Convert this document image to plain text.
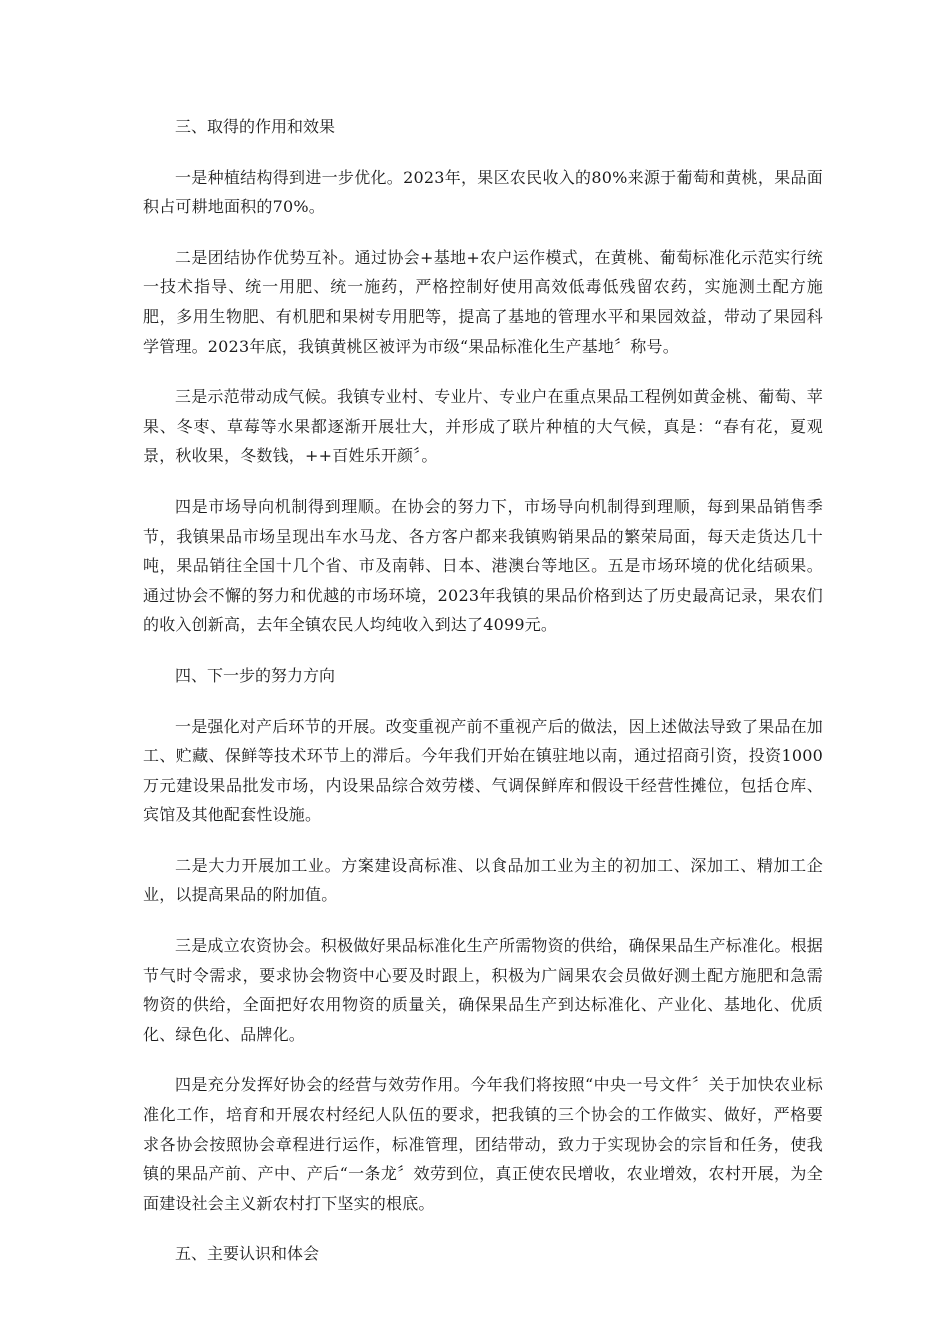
三、取得的作用和效果

一是种植结构得到进一步优化。2023年，果区农民收入的80%来源于葡萄和黄桃，果品面积占可耕地面积的70%。

二是团结协作优势互补。通过协会+基地+农户运作模式，在黄桃、葡萄标准化示范实行统一技术指导、统一用肥、统一施药，严格控制好使用高效低毒低残留农药，实施测土配方施肥，多用生物肥、有机肥和果树专用肥等，提高了基地的管理水平和果园效益，带动了果园科学管理。2023年底，我镇黄桃区被评为市级“果品标准化生产基地〞称号。

三是示范带动成气候。我镇专业村、专业片、专业户在重点果品工程例如黄金桃、葡萄、苹果、冬枣、草莓等水果都逐渐开展壮大，并形成了联片种植的大气候，真是：“春有花，夏观景，秋收果，冬数钱，++百姓乐开颜〞。

四是市场导向机制得到理顺。在协会的努力下，市场导向机制得到理顺，每到果品销售季节，我镇果品市场呈现出车水马龙、各方客户都来我镇购销果品的繁荣局面，每天走货达几十吨，果品销往全国十几个省、市及南韩、日本、港澳台等地区。五是市场环境的优化结硕果。通过协会不懈的努力和优越的市场环境，2023年我镇的果品价格到达了历史最高记录，果农们的收入创新高，去年全镇农民人均纯收入到达了4099元。

四、下一步的努力方向

一是强化对产后环节的开展。改变重视产前不重视产后的做法，因上述做法导致了果品在加工、贮藏、保鲜等技术环节上的滞后。今年我们开始在镇驻地以南，通过招商引资，投资1000万元建设果品批发市场，内设果品综合效劳楼、气调保鲜库和假设干经营性摊位，包括仓库、宾馆及其他配套性设施。

二是大力开展加工业。方案建设高标准、以食品加工业为主的初加工、深加工、精加工企业，以提高果品的附加值。

三是成立农资协会。积极做好果品标准化生产所需物资的供给，确保果品生产标准化。根据节气时令需求，要求协会物资中心要及时跟上，积极为广阔果农会员做好测土配方施肥和急需物资的供给，全面把好农用物资的质量关，确保果品生产到达标准化、产业化、基地化、优质化、绿色化、品牌化。

四是充分发挥好协会的经营与效劳作用。今年我们将按照“中央一号文件〞关于加快农业标准化工作，培育和开展农村经纪人队伍的要求，把我镇的三个协会的工作做实、做好，严格要求各协会按照协会章程进行运作，标准管理，团结带动，致力于实现协会的宗旨和任务，使我镇的果品产前、产中、产后“一条龙〞效劳到位，真正使农民增收，农业增效，农村开展，为全面建设社会主义新农村打下坚实的根底。

五、主要认识和体会
